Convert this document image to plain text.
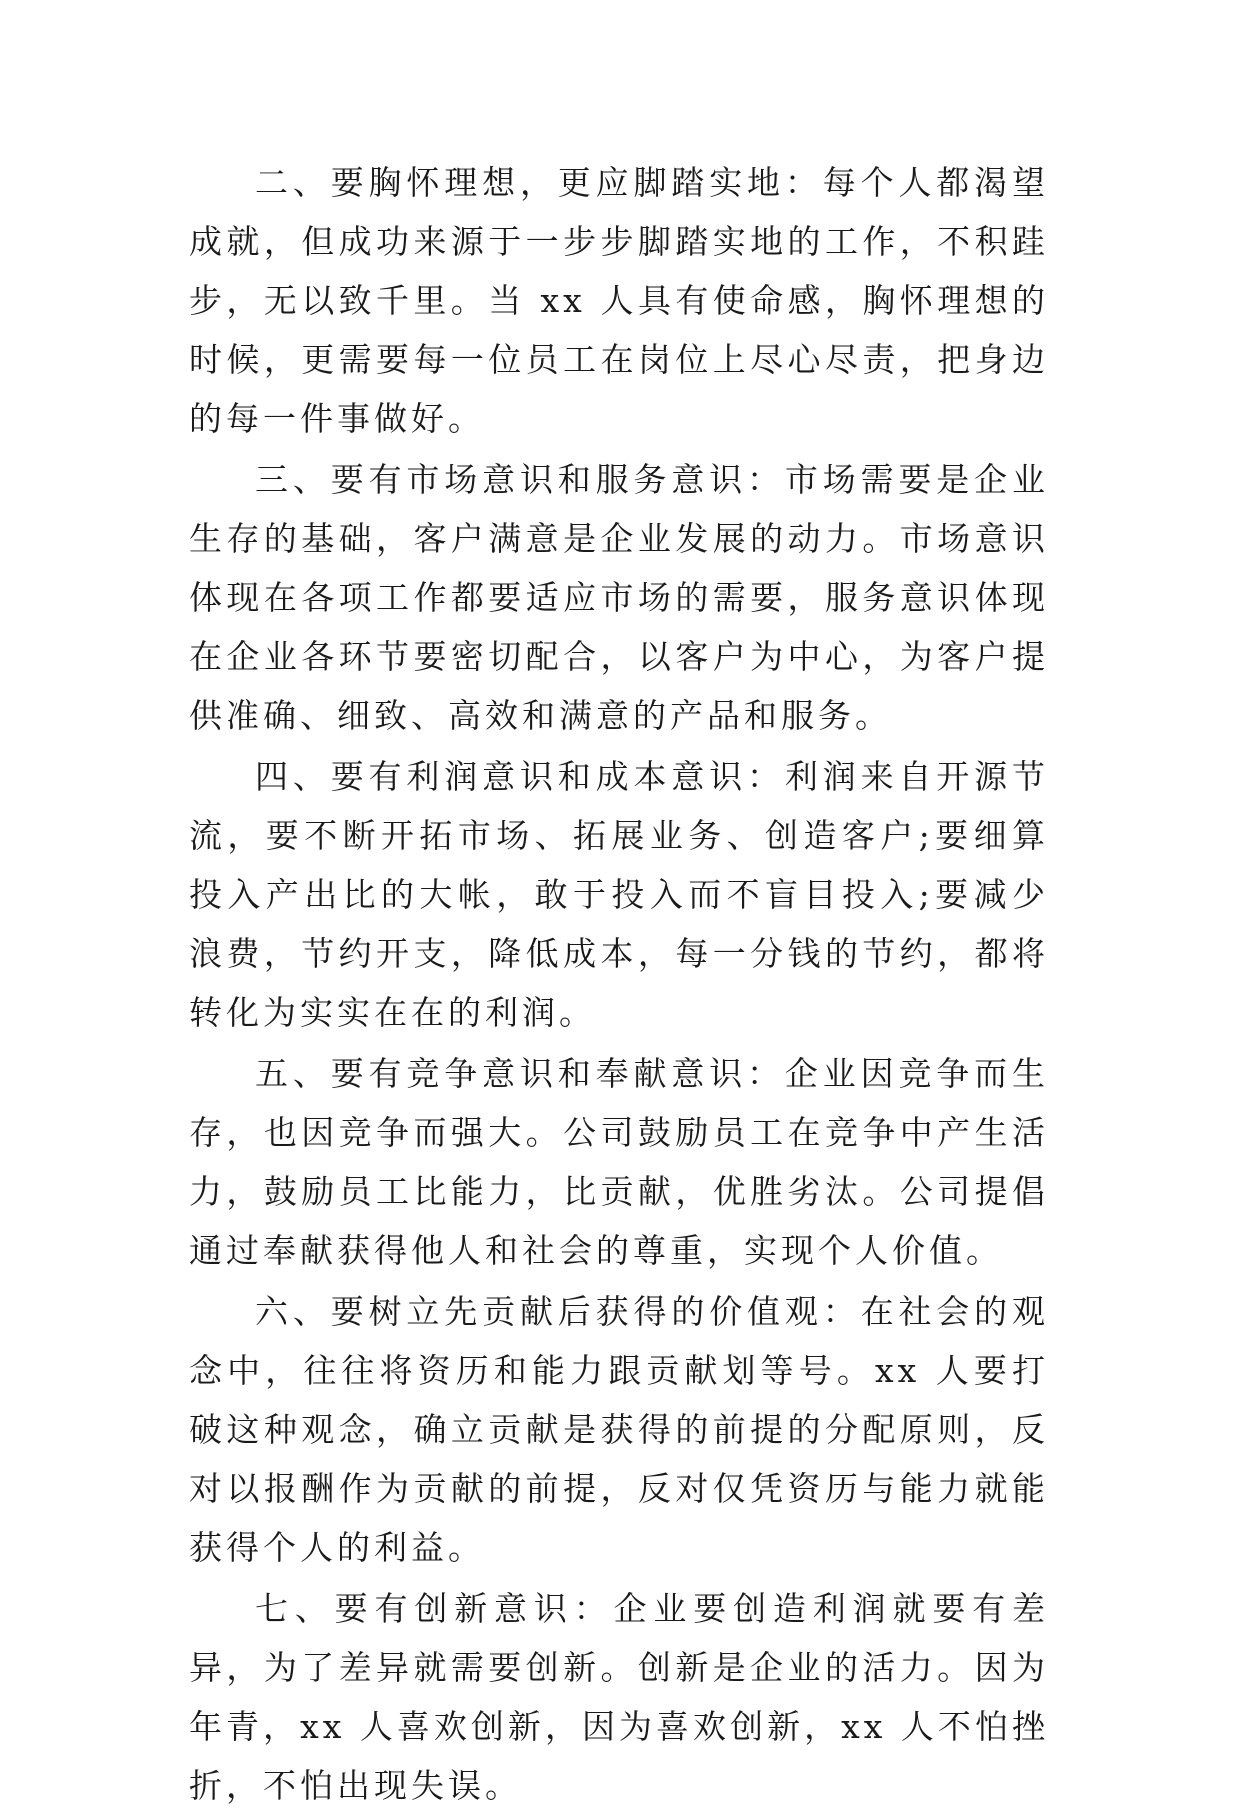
二、要胸怀理想，更应脚踏实地：每个人都渴望成就，但成功来源于一步步脚踏实地的工作，不积跬步，无以致千里。当 xx 人具有使命感，胸怀理想的时候，更需要每一位员工在岗位上尽心尽责，把身边的每一件事做好。

三、要有市场意识和服务意识：市场需要是企业生存的基础，客户满意是企业发展的动力。市场意识体现在各项工作都要适应市场的需要，服务意识体现在企业各环节要密切配合，以客户为中心，为客户提供准确、细致、高效和满意的产品和服务。

四、要有利润意识和成本意识：利润来自开源节流，要不断开拓市场、拓展业务、创造客户;要细算投入产出比的大帐，敢于投入而不盲目投入;要减少浪费，节约开支，降低成本，每一分钱的节约，都将转化为实实在在的利润。

五、要有竞争意识和奉献意识：企业因竞争而生存，也因竞争而强大。公司鼓励员工在竞争中产生活力，鼓励员工比能力，比贡献，优胜劣汰。公司提倡通过奉献获得他人和社会的尊重，实现个人价值。

六、要树立先贡献后获得的价值观：在社会的观念中，往往将资历和能力跟贡献划等号。xx 人要打破这种观念，确立贡献是获得的前提的分配原则，反对以报酬作为贡献的前提，反对仅凭资历与能力就能获得个人的利益。

七、要有创新意识：企业要创造利润就要有差异，为了差异就需要创新。创新是企业的活力。因为年青，xx 人喜欢创新，因为喜欢创新，xx 人不怕挫折，不怕出现失误。
